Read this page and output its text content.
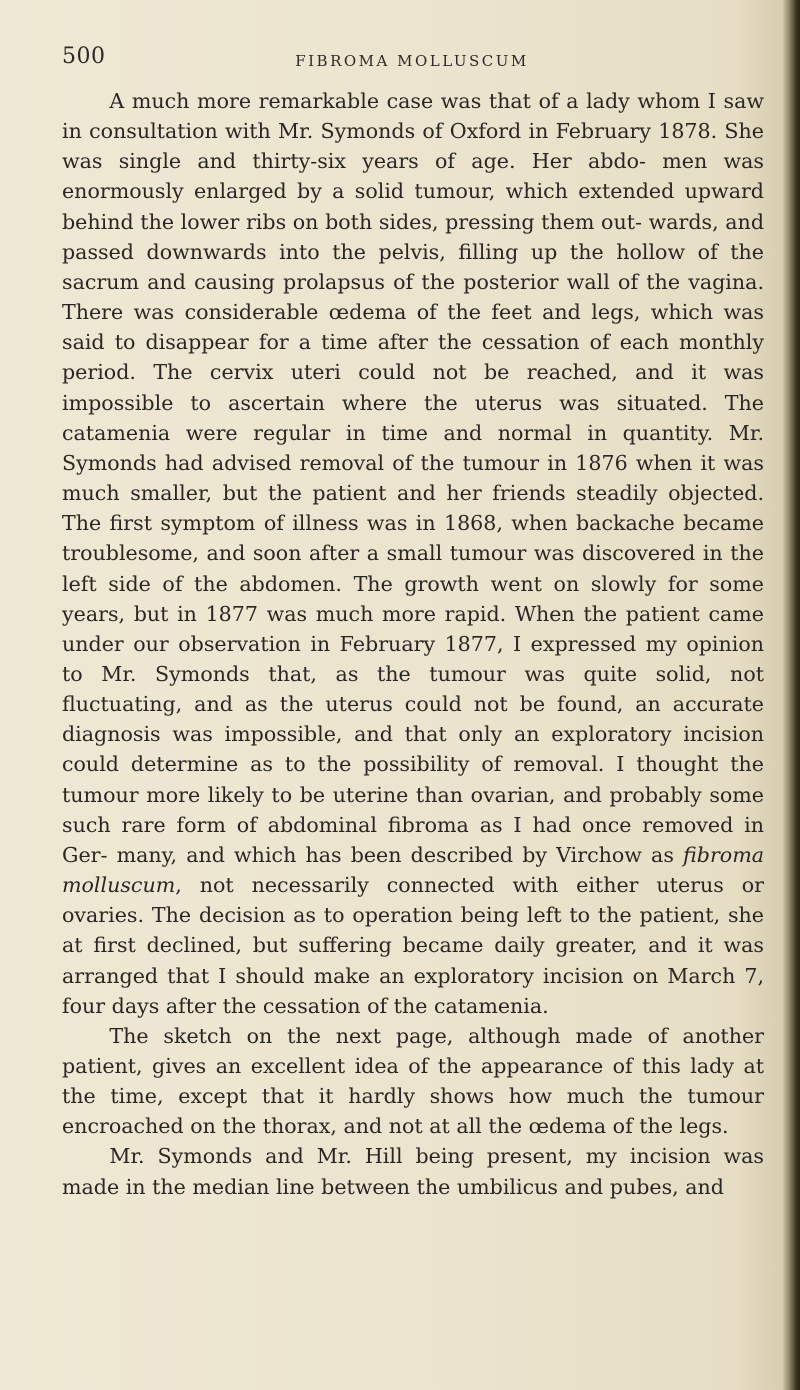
500	FIBROMA MOLLUSCUM

A much more remarkable case was that of a lady whom I saw in consultation with Mr. Symonds of Oxford in February 1878. She was single and thirty-six years of age. Her abdo- men was enormously enlarged by a solid tumour, which extended upward behind the lower ribs on both sides, pressing them out- wards, and passed downwards into the pelvis, filling up the hollow of the sacrum and causing prolapsus of the posterior wall of the vagina. There was considerable œdema of the feet and legs, which was said to disappear for a time after the cessation of each monthly period. The cervix uteri could not be reached, and it was impossible to ascertain where the uterus was situated. The catamenia were regular in time and normal in quantity. Mr. Symonds had advised removal of the tumour in 1876 when it was much smaller, but the patient and her friends steadily objected. The first symptom of illness was in 1868, when backache became troublesome, and soon after a small tumour was discovered in the left side of the abdomen. The growth went on slowly for some years, but in 1877 was much more rapid. When the patient came under our observation in February 1877, I expressed my opinion to Mr. Symonds that, as the tumour was quite solid, not fluctuating, and as the uterus could not be found, an accurate diagnosis was impossible, and that only an exploratory incision could determine as to the possibility of removal. I thought the tumour more likely to be uterine than ovarian, and probably some such rare form of abdominal fibroma as I had once removed in Ger- many, and which has been described by Virchow as fibroma molluscum, not necessarily connected with either uterus or ovaries. The decision as to operation being left to the patient, she at first declined, but suffering became daily greater, and it was arranged that I should make an exploratory incision on March 7, four days after the cessation of the catamenia.

The sketch on the next page, although made of another patient, gives an excellent idea of the appearance of this lady at the time, except that it hardly shows how much the tumour encroached on the thorax, and not at all the œdema of the legs.

Mr. Symonds and Mr. Hill being present, my incision was made in the median line between the umbilicus and pubes, and
